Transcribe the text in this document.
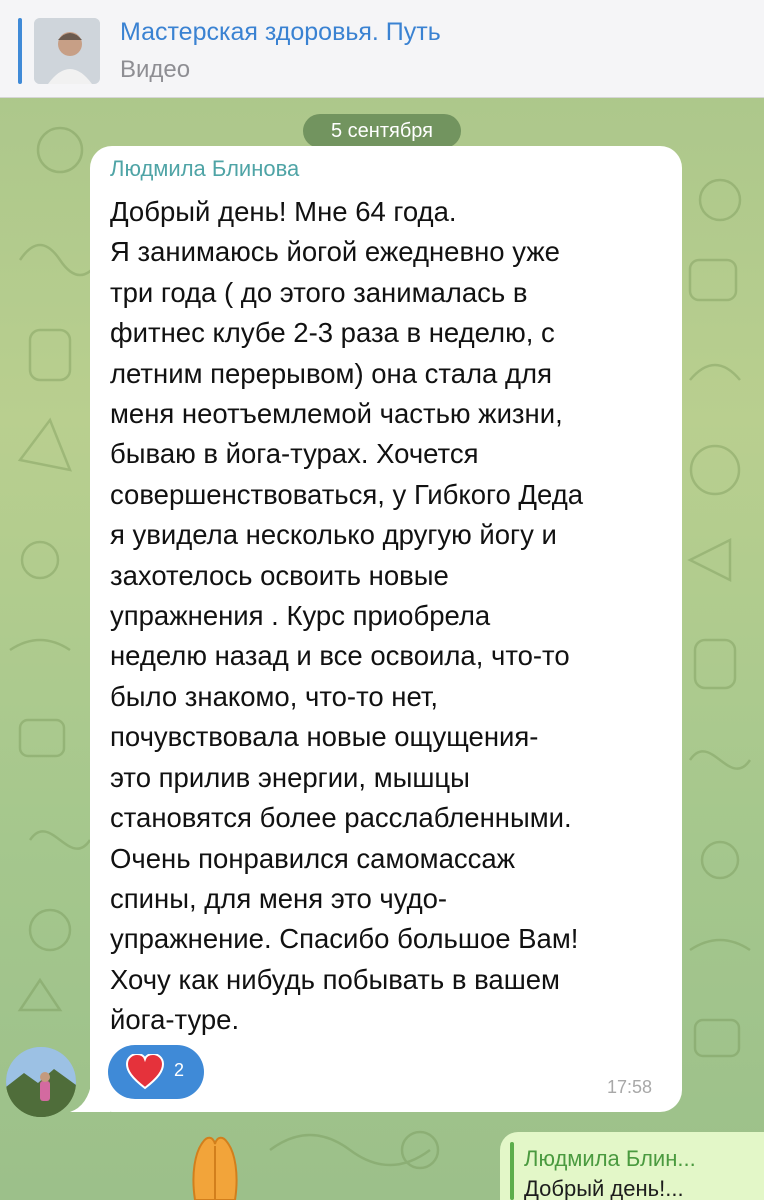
Мастерская здоровья. Путь
Видео
5 сентября
Людмила Блинова
Добрый день! Мне 64 года.
Я занимаюсь йогой ежедневно уже
три года ( до этого занималась в
фитнес клубе 2-3 раза в неделю, с
летним перерывом) она стала для
меня неотъемлемой частью жизни,
бываю в йога-турах. Хочется
совершенствоваться, у Гибкого Деда
я увидела несколько другую йогу и
захотелось освоить новые
упражнения . Курс приобрела
неделю назад и все освоила, что-то
было знакомо, что-то нет,
почувствовала новые ощущения-
это прилив энергии, мышцы
становятся более расслабленными.
Очень понравился самомассаж
спины, для меня это чудо-
упражнение. Спасибо большое Вам!
Хочу как нибудь побывать в вашем
йога-туре.
2
17:58
Людмила Блин...
Добрый день!...
